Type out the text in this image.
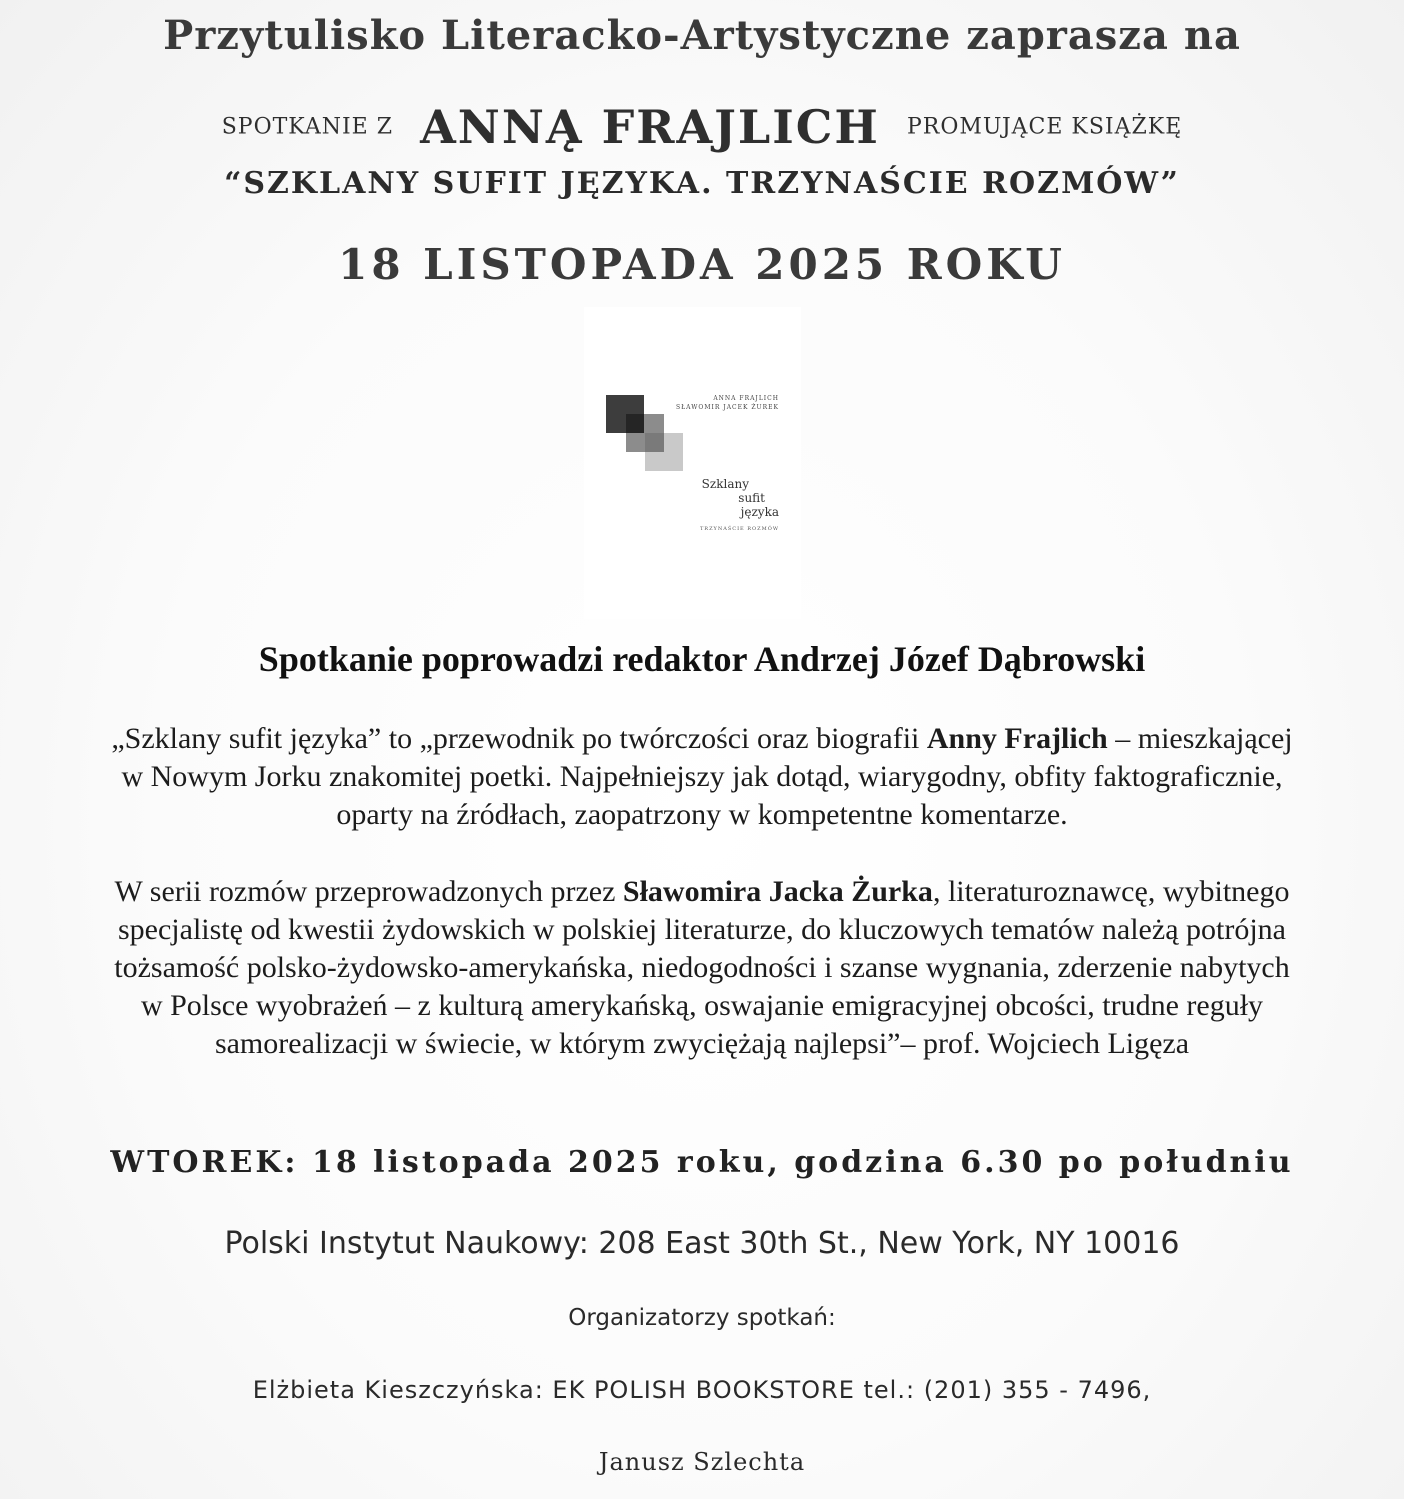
Przytulisko Literacko-Artystyczne zaprasza na
SPOTKANIE Z ANNĄ FRAJLICH PROMUJĄCE KSIĄŻKĘ
“SZKLANY SUFIT JĘZYKA. TRZYNAŚCIE ROZMÓW”
18 LISTOPADA 2025 ROKU
ANNA FRAJLICH
SŁAWOMIR JACEK ŻUREK
Szklany
sufit
języka
TRZYNAŚCIE ROZMÓW
Spotkanie poprowadzi redaktor Andrzej Józef Dąbrowski
„Szklany sufit języka” to „przewodnik po twórczości oraz biografii Anny Frajlich – mieszkającej
w Nowym Jorku znakomitej poetki. Najpełniejszy jak dotąd, wiarygodny, obfity faktograficznie,
oparty na źródłach, zaopatrzony w kompetentne komentarze.
W serii rozmów przeprowadzonych przez Sławomira Jacka Żurka, literaturoznawcę, wybitnego
specjalistę od kwestii żydowskich w polskiej literaturze, do kluczowych tematów należą potrójna
tożsamość polsko-żydowsko-amerykańska, niedogodności i szanse wygnania, zderzenie nabytych
w Polsce wyobrażeń – z kulturą amerykańską, oswajanie emigracyjnej obcości, trudne reguły
samorealizacji w świecie, w którym zwyciężają najlepsi”– prof. Wojciech Ligęza
WTOREK: 18 listopada 2025 roku, godzina 6.30 po południu
Polski Instytut Naukowy: 208 East 30th St., New York, NY 10016
Organizatorzy spotkań:
Elżbieta Kieszczyńska: EK POLISH BOOKSTORE tel.: (201) 355 - 7496,
Janusz Szlechta
